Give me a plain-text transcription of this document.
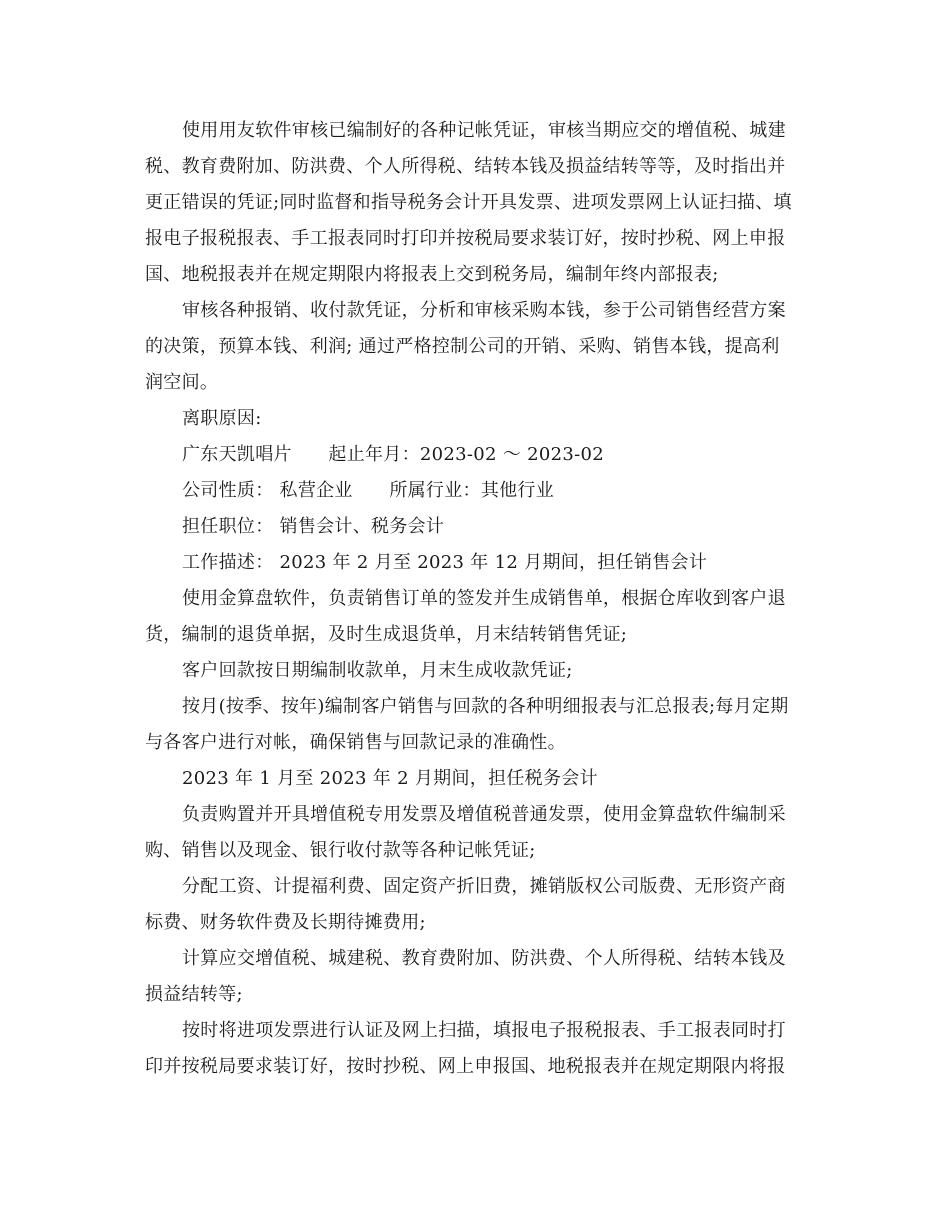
使用用友软件审核已编制好的各种记帐凭证，审核当期应交的增值税、城建
税、教育费附加、防洪费、个人所得税、结转本钱及损益结转等等，及时指出并
更正错误的凭证;同时监督和指导税务会计开具发票、进项发票网上认证扫描、填
报电子报税报表、手工报表同时打印并按税局要求装订好，按时抄税、网上申报
国、地税报表并在规定期限内将报表上交到税务局，编制年终内部报表;
审核各种报销、收付款凭证，分析和审核采购本钱，参于公司销售经营方案
的决策，预算本钱、利润; 通过严格控制公司的开销、采购、销售本钱，提高利
润空间。
离职原因:
广东天凯唱片　　起止年月：2023-02 ～ 2023-02
公司性质： 私营企业　　所属行业：其他行业
担任职位： 销售会计、税务会计
工作描述： 2023 年 2 月至 2023 年 12 月期间，担任销售会计
使用金算盘软件，负责销售订单的签发并生成销售单，根据仓库收到客户退
货，编制的退货单据，及时生成退货单，月末结转销售凭证;
客户回款按日期编制收款单，月末生成收款凭证;
按月(按季、按年)编制客户销售与回款的各种明细报表与汇总报表;每月定期
与各客户进行对帐，确保销售与回款记录的准确性。
2023 年 1 月至 2023 年 2 月期间，担任税务会计
负责购置并开具增值税专用发票及增值税普通发票，使用金算盘软件编制采
购、销售以及现金、银行收付款等各种记帐凭证;
分配工资、计提福利费、固定资产折旧费，摊销版权公司版费、无形资产商
标费、财务软件费及长期待摊费用;
计算应交增值税、城建税、教育费附加、防洪费、个人所得税、结转本钱及
损益结转等;
按时将进项发票进行认证及网上扫描，填报电子报税报表、手工报表同时打
印并按税局要求装订好，按时抄税、网上申报国、地税报表并在规定期限内将报
